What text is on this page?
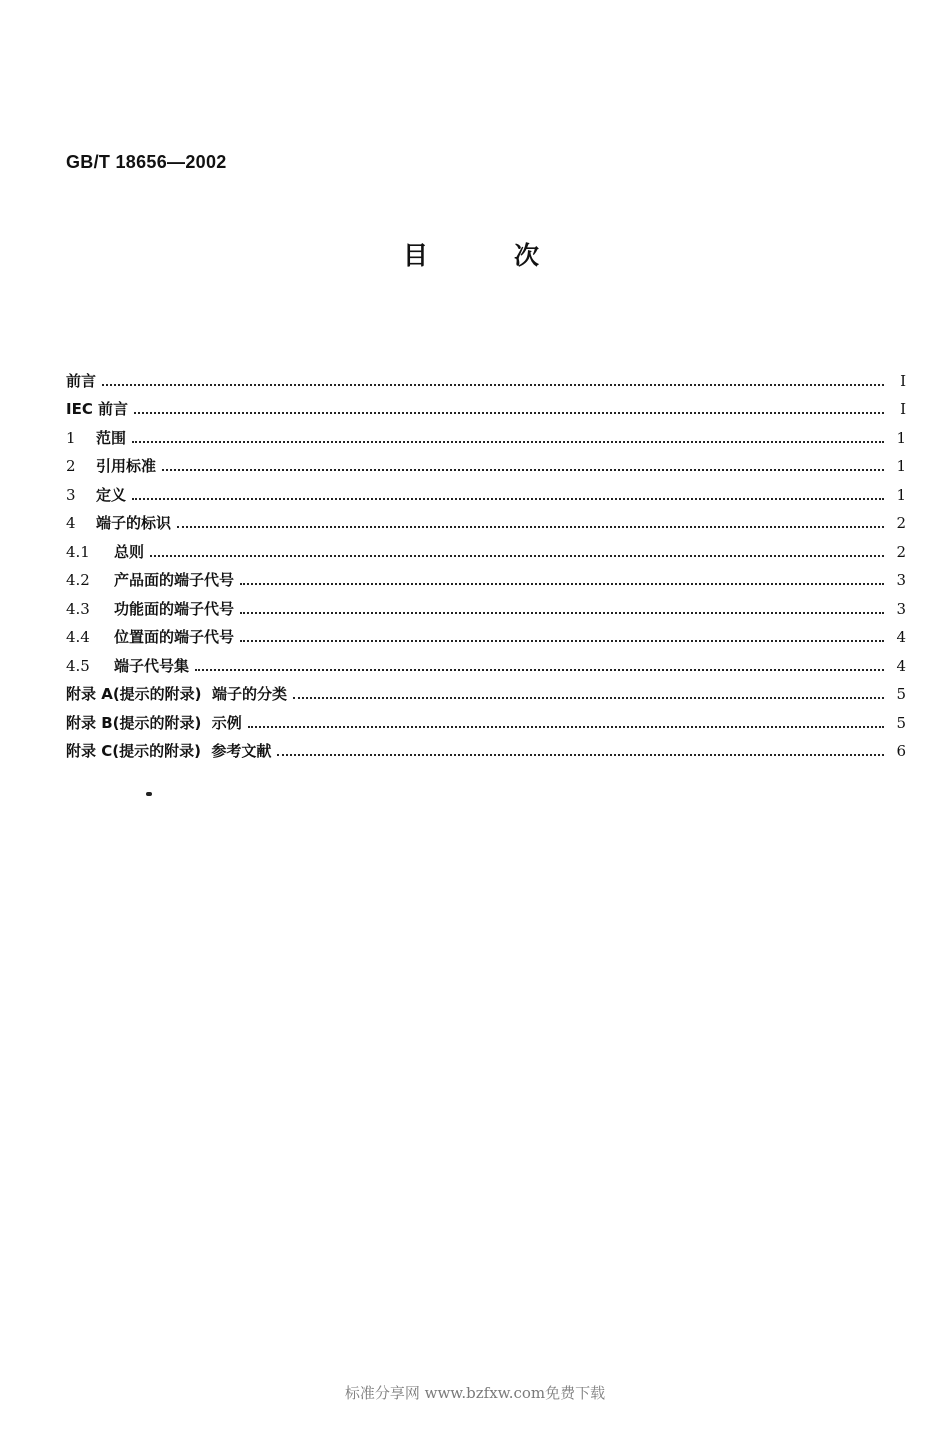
GB/T 18656—2002
目次
前言	Ⅰ
IEC 前言	Ⅰ
1	范围	1
2	引用标准	1
3	定义	1
4	端子的标识	2
4.1	总则	2
4.2	产品面的端子代号	3
4.3	功能面的端子代号	3
4.4	位置面的端子代号	4
4.5	端子代号集	4
附录 A(提示的附录)  端子的分类	5
附录 B(提示的附录)  示例	5
附录 C(提示的附录)  参考文献	6
标准分享网 www.bzfxw.com免费下载
